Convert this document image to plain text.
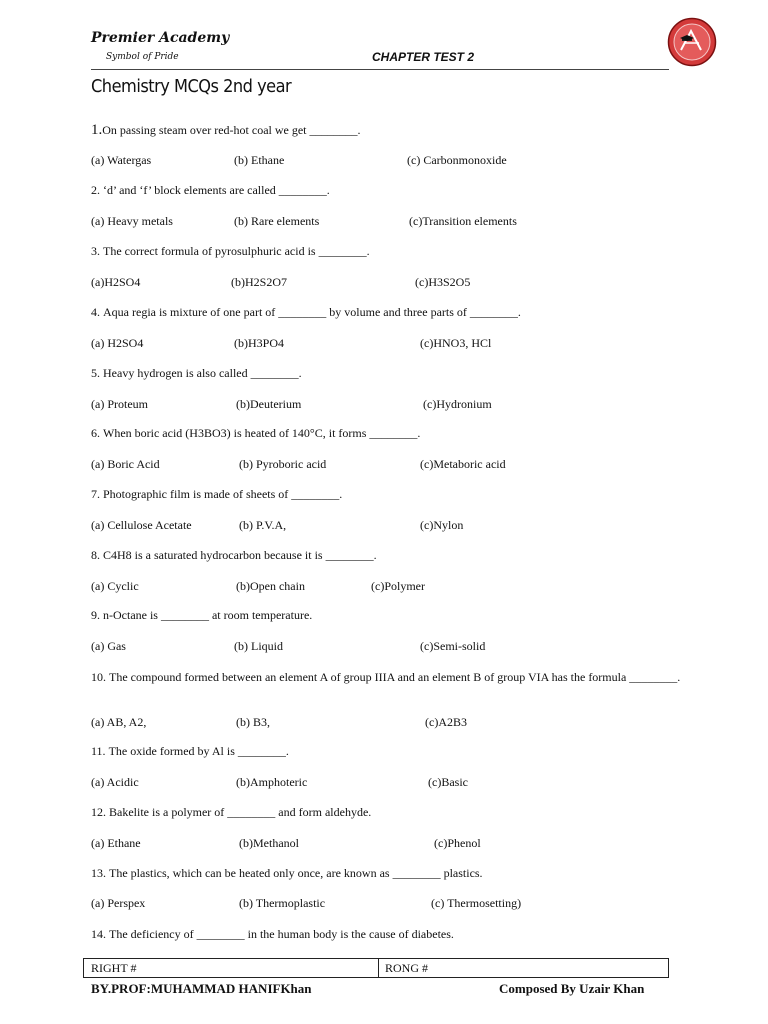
Premier Academy
Symbol of Pride	CHAPTER TEST 2
Chemistry MCQs 2nd year
1.On passing steam over red-hot coal we get ________.
(a) Watergas	(b) Ethane	(c) Carbonmonoxide
2. ‘d’ and ‘f’ block elements are called ________.
(a) Heavy metals	(b) Rare elements	(c)Transition elements
3. The correct formula of pyrosulphuric acid is ________.
(a)H2SO4	(b)H2S2O7	(c)H3S2O5
4. Aqua regia is mixture of one part of ________ by volume and three parts of ________.
(a) H2SO4	(b)H3PO4	(c)HNO3, HCl
5. Heavy hydrogen is also called ________.
(a) Proteum	(b)Deuterium	(c)Hydronium
6. When boric acid (H3BO3) is heated of 140°C, it forms ________.
(a) Boric Acid	(b) Pyroboric acid	(c)Metaboric acid
7. Photographic film is made of sheets of ________.
(a) Cellulose Acetate	(b) P.V.A,	(c)Nylon
8. C4H8 is a saturated hydrocarbon because it is ________.
(a) Cyclic	(b)Open chain	(c)Polymer
9. n-Octane is ________ at room temperature.
(a) Gas	(b) Liquid	(c)Semi-solid
10. The compound formed between an element A of group IIIA and an element B of group VIA has the formula ________.
(a) AB, A2,	(b) B3,	(c)A2B3
11. The oxide formed by Al is ________.
(a) Acidic	(b)Amphoteric	(c)Basic
12. Bakelite is a polymer of ________ and form aldehyde.
(a) Ethane	(b)Methanol	(c)Phenol
13. The plastics, which can be heated only once, are known as ________ plastics.
(a) Perspex	(b) Thermoplastic	(c) Thermosetting)
14. The deficiency of ________ in the human body is the cause of diabetes.
RIGHT #	RONG #
BY.PROF:MUHAMMAD HANIFKhan	Composed By Uzair Khan
